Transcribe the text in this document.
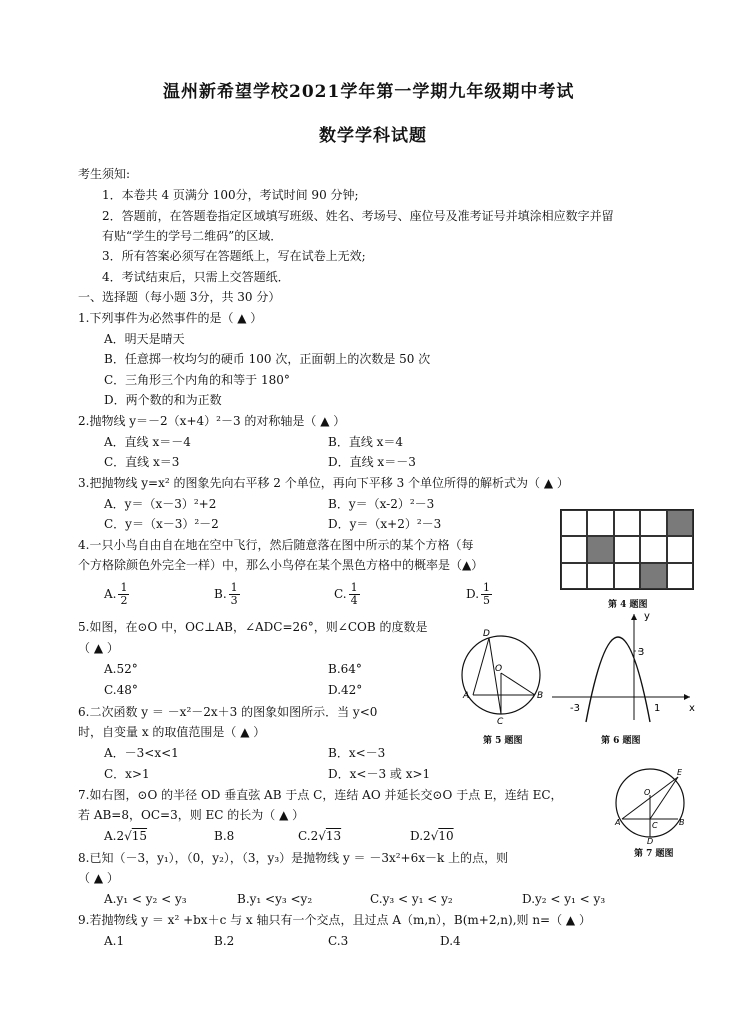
温州新希望学校2021学年第一学期九年级期中考试
数学学科试题
考生须知:
1．本卷共 4 页满分 100分，考试时间 90 分钟;
2．答题前，在答题卷指定区域填写班级、姓名、考场号、座位号及准考证号并填涂相应数字并留
有贴“学生的学号二维码”的区域．
3．所有答案必须写在答题纸上，写在试卷上无效;
4．考试结束后，只需上交答题纸．
一、选择题（每小题 3分，共 30 分）
1.下列事件为必然事件的是（ ▲ ）
A．明天是晴天
B．任意掷一枚均匀的硬币 100 次，正面朝上的次数是 50 次
C．三角形三个内角的和等于 180°
D．两个数的和为正数
2.抛物线 y＝－2（x+4）²－3 的对称轴是（ ▲ ）
A．直线 x＝－4	B．直线 x＝4
C．直线 x＝3	D．直线 x＝－3
3.把抛物线 y=x² 的图象先向右平移 2 个单位，再向下平移 3 个单位所得的解析式为（ ▲ ）
A．y＝（x－3）²+2	B．y＝（x-2）²－3
C．y＝（x－3）²－2	D．y＝（x+2）²－3
4.一只小鸟自由自在地在空中飞行，然后随意落在图中所示的某个方格（每
个方格除颜色外完全一样）中，那么小鸟停在某个黑色方格中的概率是（▲）
A. $\frac{1}{2}$	B. $\frac{1}{3}$	C. $\frac{1}{4}$	D. $\frac{1}{5}$	第 4 题图
5.如图，在⊙O 中，OC⊥AB，∠ADC=26°，则∠COB 的度数是
（ ▲ ）
A.52°	B.64°
C.48°	D.42°
D
O
A	B
C
第 5 题图
y
x
3
-3	1
第 6 题图
6.二次函数 y ＝ －x²－2x＋3 的图象如图所示．当 y<0
时，自变量 x 的取值范围是（ ▲ ）
A．－3<x<1	B．x<－3
C．x>1	D．x<－3 或 x>1
7.如右图，⊙O 的半径 OD 垂直弦 AB 于点 C，连结 AO 并延长交⊙O 于点 E，连结 EC，
若 AB=8，OC=3，则 EC 的长为（ ▲ ）
A.2√15	B.8	C.2√13	D.2√10
E
O
A	B
C
D
第 7 题图
8.已知（－3，y₁），（0，y₂），（3，y₃）是抛物线 y ＝ －3x²+6x－k 上的点，则
（ ▲ ）
A.y₁ < y₂ < y₃	B.y₁ <y₃ <y₂	C.y₃ < y₁ < y₂	D.y₂ < y₁ < y₃
9.若抛物线 y ＝ x² +bx＋c 与 x 轴只有一个交点，且过点 A（m,n），B(m+2,n),则 n=（ ▲ ）
A.1	B.2	C.3	D.4
